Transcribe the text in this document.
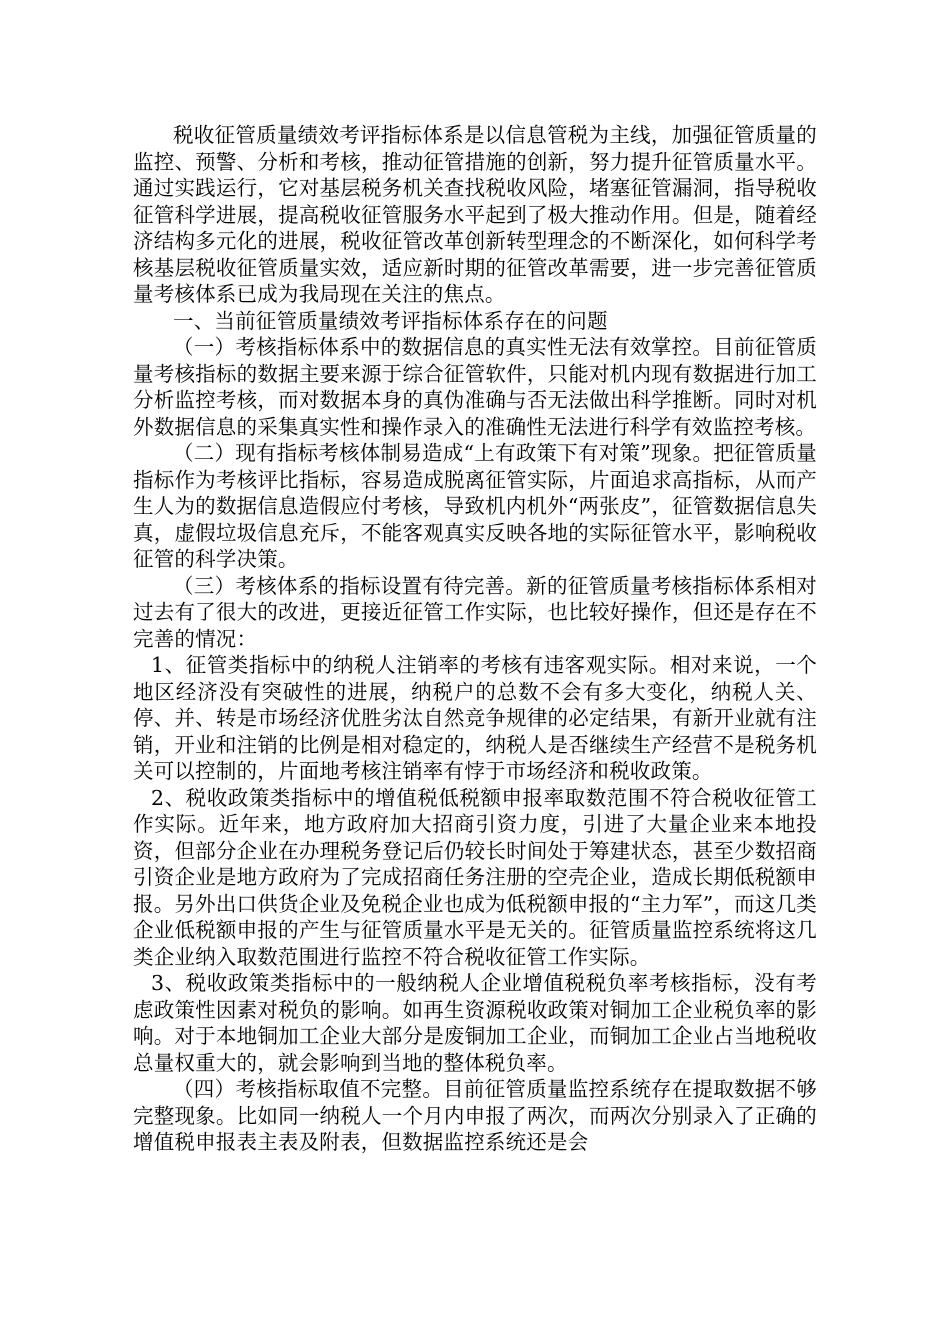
税收征管质量绩效考评指标体系是以信息管税为主线，加强征管质量的监控、预警、分析和考核，推动征管措施的创新，努力提升征管质量水平。通过实践运行，它对基层税务机关查找税收风险，堵塞征管漏洞，指导税收征管科学进展，提高税收征管服务水平起到了极大推动作用。但是，随着经济结构多元化的进展，税收征管改革创新转型理念的不断深化，如何科学考核基层税收征管质量实效，适应新时期的征管改革需要，进一步完善征管质量考核体系已成为我局现在关注的焦点。

一、当前征管质量绩效考评指标体系存在的问题

（一）考核指标体系中的数据信息的真实性无法有效掌控。目前征管质量考核指标的数据主要来源于综合征管软件，只能对机内现有数据进行加工分析监控考核，而对数据本身的真伪准确与否无法做出科学推断。同时对机外数据信息的采集真实性和操作录入的准确性无法进行科学有效监控考核。

（二）现有指标考核体制易造成“上有政策下有对策”现象。把征管质量指标作为考核评比指标，容易造成脱离征管实际，片面追求高指标，从而产生人为的数据信息造假应付考核，导致机内机外“两张皮”，征管数据信息失真，虚假垃圾信息充斥，不能客观真实反映各地的实际征管水平，影响税收征管的科学决策。

（三）考核体系的指标设置有待完善。新的征管质量考核指标体系相对过去有了很大的改进，更接近征管工作实际，也比较好操作，但还是存在不完善的情况：

1、征管类指标中的纳税人注销率的考核有违客观实际。相对来说，一个地区经济没有突破性的进展，纳税户的总数不会有多大变化，纳税人关、停、并、转是市场经济优胜劣汰自然竞争规律的必定结果，有新开业就有注销，开业和注销的比例是相对稳定的，纳税人是否继续生产经营不是税务机关可以控制的，片面地考核注销率有悖于市场经济和税收政策。

2、税收政策类指标中的增值税低税额申报率取数范围不符合税收征管工作实际。近年来，地方政府加大招商引资力度，引进了大量企业来本地投资，但部分企业在办理税务登记后仍较长时间处于筹建状态，甚至少数招商引资企业是地方政府为了完成招商任务注册的空壳企业，造成长期低税额申报。另外出口供货企业及免税企业也成为低税额申报的“主力军”，而这几类企业低税额申报的产生与征管质量水平是无关的。征管质量监控系统将这几类企业纳入取数范围进行监控不符合税收征管工作实际。

3、税收政策类指标中的一般纳税人企业增值税税负率考核指标，没有考虑政策性因素对税负的影响。如再生资源税收政策对铜加工企业税负率的影响。对于本地铜加工企业大部分是废铜加工企业，而铜加工企业占当地税收总量权重大的，就会影响到当地的整体税负率。

（四）考核指标取值不完整。目前征管质量监控系统存在提取数据不够完整现象。比如同一纳税人一个月内申报了两次，而两次分别录入了正确的增值税申报表主表及附表，但数据监控系统还是会
